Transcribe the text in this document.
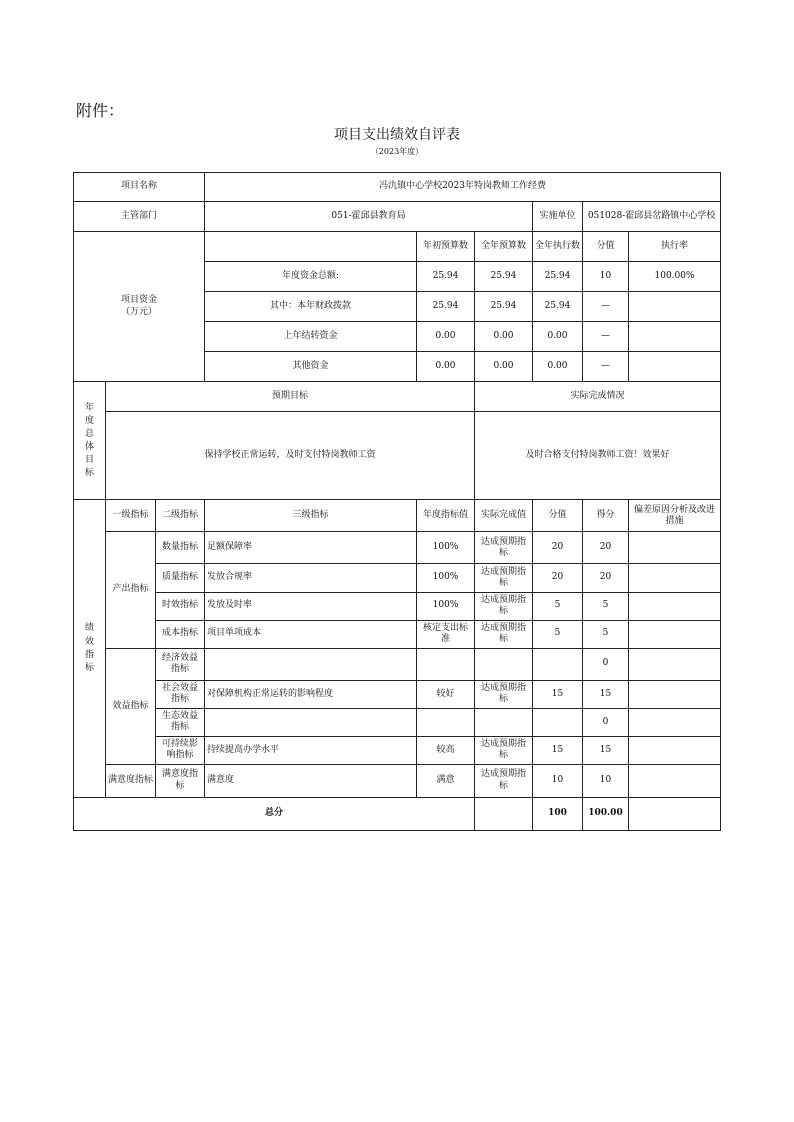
附件：
项目支出绩效自评表
（2023年度）
项目名称			冯氿镇中心学校2023年特岗教师工作经费						
主管部门			051-霍邱县教育局			实施单位	051028-霍邱县岔路镇中心学校		
项目资金
（万元）				年初预算数	全年预算数	全年执行数	分值	执行率	
			年度资金总额:	25.94	25.94	25.94	10	100.00%	
			其中：本年财政拨款	25.94	25.94	25.94	—		
			上年结转资金	0.00	0.00	0.00	—		
			其他资金	0.00	0.00	0.00	—		
年度总体目标	预期目标				实际完成情况				
	保持学校正常运转，及时支付特岗教师工资				及时合格支付特岗教师工资！效果好				
绩效指标	一级指标	二级指标	三级指标	年度指标值	实际完成值	分值	得分	偏差原因分析及改进措施	
	产出指标	数量指标	足额保障率	100%	达成预期指标	20	20		
		质量指标	发放合规率	100%	达成预期指标	20	20		
		时效指标	发放及时率	100%	达成预期指标	5	5		
		成本指标	项目单项成本	核定支出标准	达成预期指标	5	5		
	效益指标	经济效益指标					0		
		社会效益指标	对保障机构正常运转的影响程度	较好	达成预期指标	15	15		
		生态效益指标					0		
		可持续影响指标	持续提高办学水平	较高	达成预期指标	15	15		
	满意度指标	满意度指标	满意度	满意	达成预期指标	10	10		
总分						100	100.00		
